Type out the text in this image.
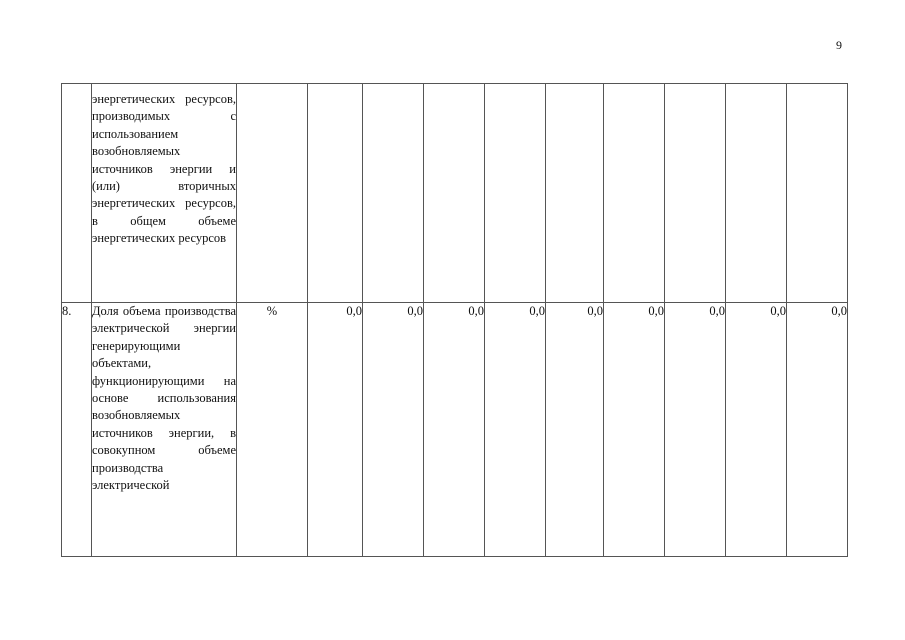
9
	энергетических ресурсов, производимых с использованием возобновляемых источников энергии и (или) вторичных энергетических ресурсов, в общем объеме энергетических ресурсов										
8.	Доля объема производства электрической энергии генерирующими объектами, функционирующими на основе использования возобновляемых источников энергии, в совокупном объеме производства электрической	%	0,0	0,0	0,0	0,0	0,0	0,0	0,0	0,0	0,0
